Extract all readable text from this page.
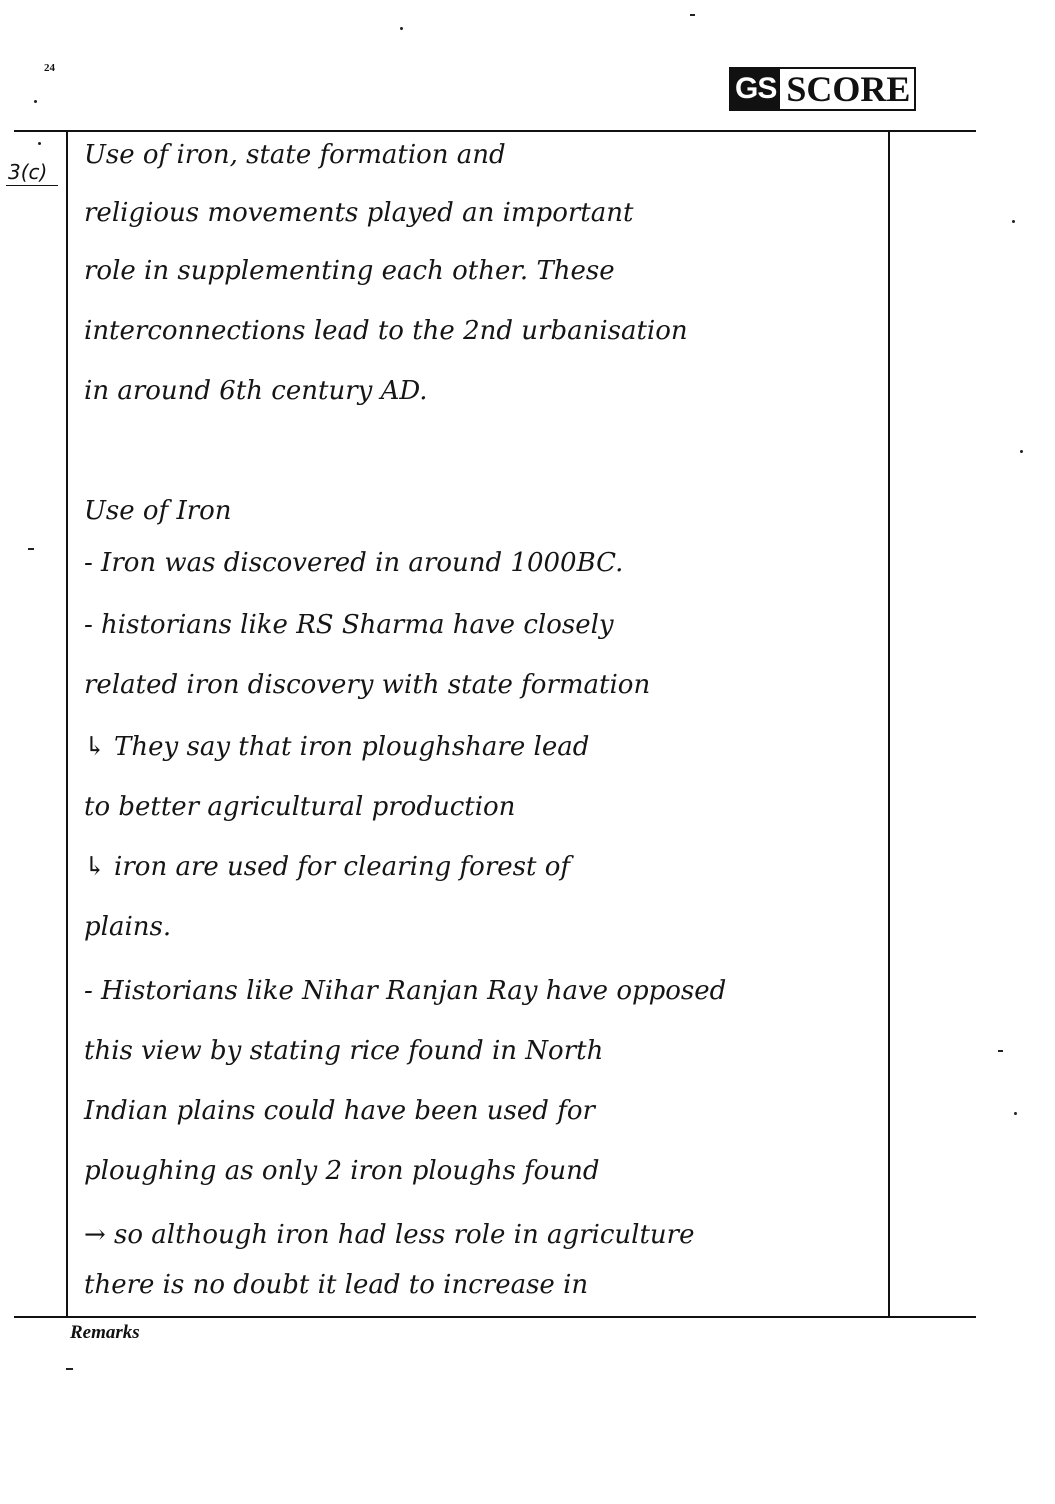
24
GS SCORE
3(c)
Use of iron, state formation and
religious movements played an important
role in supplementing each other. These
interconnections lead to the 2nd urbanisation
in around 6th century AD.
Use of Iron
- Iron was discovered in around 1000BC.
- historians like RS Sharma have closely
related iron discovery with state formation
↳ They say that iron ploughshare lead
to better agricultural production
↳ iron are used for clearing forest of
plains.
- Historians like Nihar Ranjan Ray have opposed
this view by stating rice found in North
Indian plains could have been used for
ploughing as only 2 iron ploughs found
→ so although iron had less role in agriculture
there is no doubt it lead to increase in
Remarks
